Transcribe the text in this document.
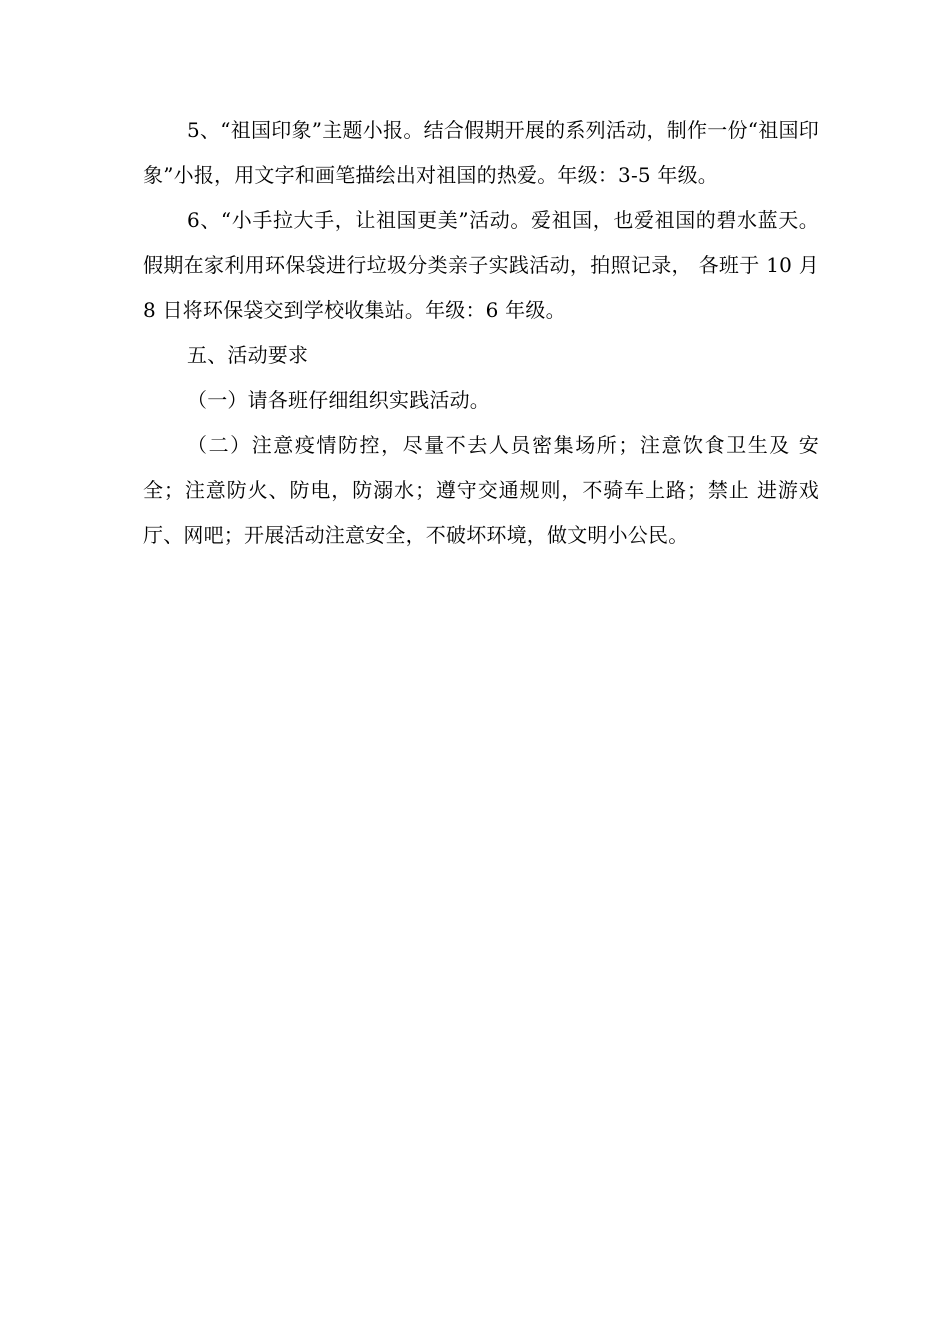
5、“祖国印象”主题小报。结合假期开展的系列活动，制作一份“祖国印象”小报，用文字和画笔描绘出对祖国的热爱。年级：3-5 年级。

6、“小手拉大手，让祖国更美”活动。爱祖国，也爱祖国的碧水蓝天。假期在家利用环保袋进行垃圾分类亲子实践活动，拍照记录， 各班于 10 月 8 日将环保袋交到学校收集站。年级：6 年级。

五、活动要求

（一）请各班仔细组织实践活动。

（二）注意疫情防控，尽量不去人员密集场所；注意饮食卫生及 安全；注意防火、防电，防溺水；遵守交通规则，不骑车上路；禁止 进游戏厅、网吧；开展活动注意安全，不破坏环境，做文明小公民。
